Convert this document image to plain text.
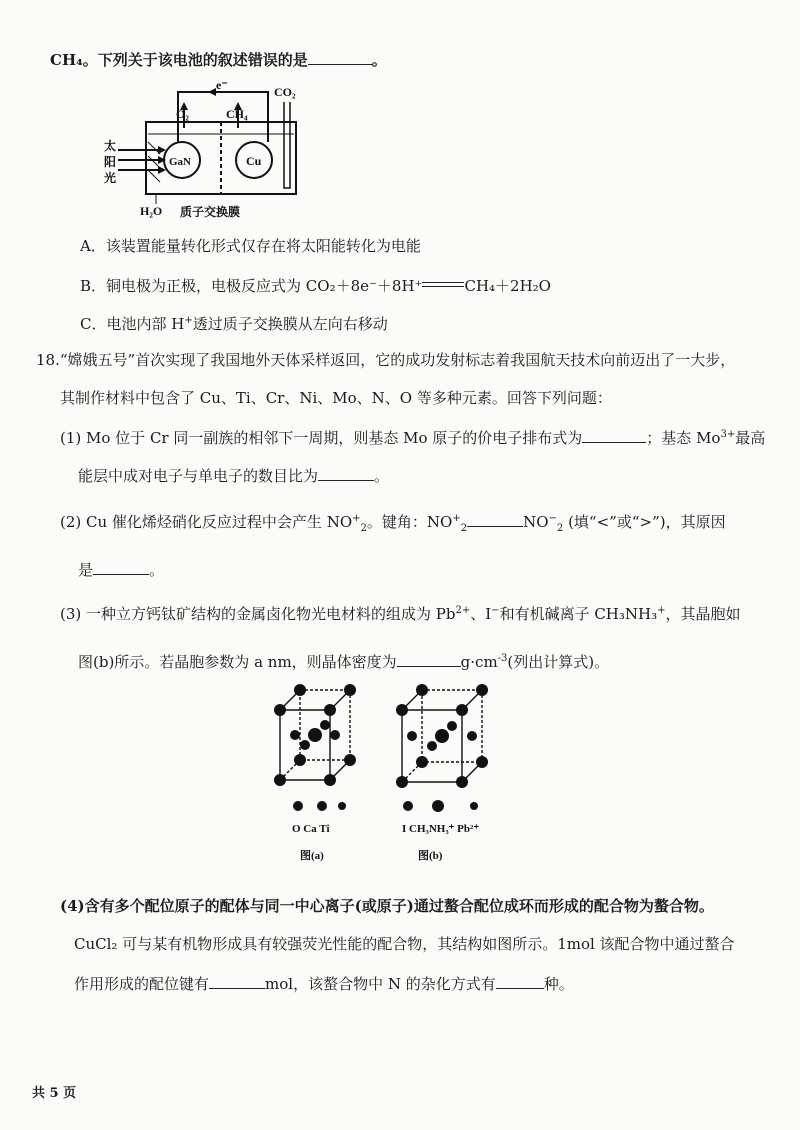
CH₄。下列关于该电池的叙述错误的是	。
太
阳
光
e⁻
O₂	CH₄
CO₂
GaN	Cu
H₂O 质子交换膜
A．该装置能量转化形式仅存在将太阳能转化为电能
B．铜电极为正极，电极反应式为 CO₂＋8e⁻＋8H⁺	CH₄＋2H₂O
C．电池内部 H+透过质子交换膜从左向右移动
18.“嫦娥五号”首次实现了我国地外天体采样返回，它的成功发射标志着我国航天技术向前迈出了一大步，
其制作材料中包含了 Cu、Ti、Cr、Ni、Mo、N、O 等多种元素。回答下列问题：
(1) Mo 位于 Cr 同一副族的相邻下一周期，则基态 Mo 原子的价电子排布式为	；基态 $Mo^{3+}$最高
能层中成对电子与单电子的数目比为	。
(2) Cu 催化烯烃硝化反应过程中会产生 $NO^+_2$。键角：$NO^+_2$	$NO^-_2$ (填“<”或“>”)，其原因
是	。
(3) 一种立方钙钛矿结构的金属卤化物光电材料的组成为 $Pb^{2+}$、I−和有机碱离子 CH₃NH₃+，其晶胞如
图(b)所示。若晶胞参数为 a nm，则晶体密度为	$g\cdot cm^{-3}$(列出计算式)。
O Ca Ti	I CH₃NH₃⁺ Pb²⁺
图(a)	图(b)
(4)含有多个配位原子的配体与同一中心离子(或原子)通过螯合配位成环而形成的配合物为螯合物。
CuCl₂ 可与某有机物形成具有较强荧光性能的配合物，其结构如图所示。1mol 该配合物中通过螯合
作用形成的配位键有	mol，该螯合物中 N 的杂化方式有	种。
共 5 页
